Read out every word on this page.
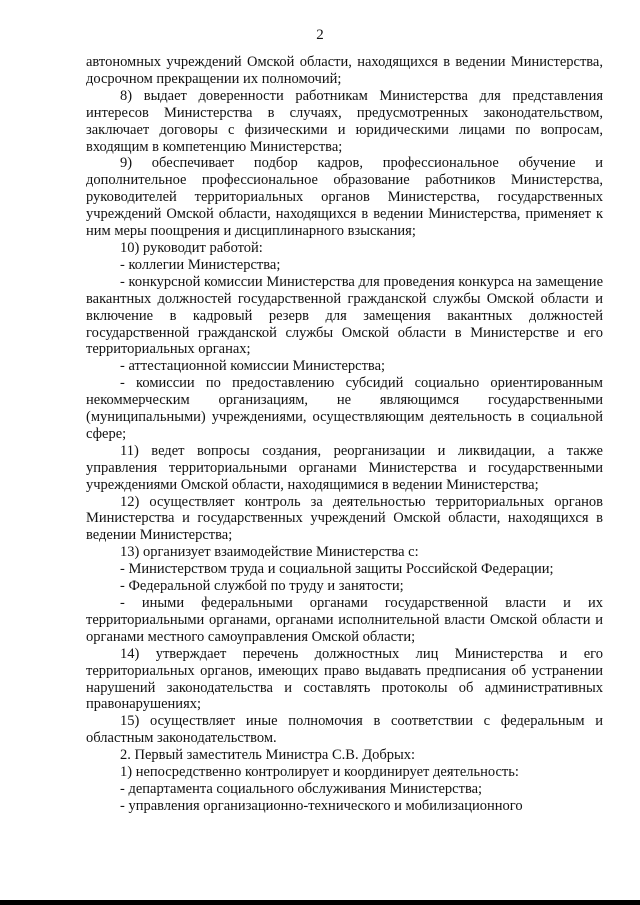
2

автономных учреждений Омской области, находящихся в ведении Министерства, досрочном прекращении их полномочий;

8) выдает доверенности работникам Министерства для представления интересов Министерства в случаях, предусмотренных законодательством, заключает договоры с физическими и юридическими лицами по вопросам, входящим в компетенцию Министерства;

9) обеспечивает подбор кадров, профессиональное обучение и дополнительное профессиональное образование работников Министерства, руководителей территориальных органов Министерства, государственных учреждений Омской области, находящихся в ведении Министерства, применяет к ним меры поощрения и дисциплинарного взыскания;

10) руководит работой:

- коллегии Министерства;

- конкурсной комиссии Министерства для проведения конкурса на замещение вакантных должностей государственной гражданской службы Омской области и включение в кадровый резерв для замещения вакантных должностей государственной гражданской службы Омской области в Министерстве и его территориальных органах;

- аттестационной комиссии Министерства;

- комиссии по предоставлению субсидий социально ориентированным некоммерческим организациям, не являющимся государственными (муниципальными) учреждениями, осуществляющим деятельность в социальной сфере;

11) ведет вопросы создания, реорганизации и ликвидации, а также управления территориальными органами Министерства и государственными учреждениями Омской области, находящимися в ведении Министерства;

12) осуществляет контроль за деятельностью территориальных органов Министерства и государственных учреждений Омской области, находящихся в ведении Министерства;

13) организует взаимодействие Министерства с:

- Министерством труда и социальной защиты Российской Федерации;

- Федеральной службой по труду и занятости;

- иными федеральными органами государственной власти и их территориальными органами, органами исполнительной власти Омской области и органами местного самоуправления Омской области;

14) утверждает перечень должностных лиц Министерства и его территориальных органов, имеющих право выдавать предписания об устранении нарушений законодательства и составлять протоколы об административных правонарушениях;

15) осуществляет иные полномочия в соответствии с федеральным и областным законодательством.

2. Первый заместитель Министра С.В. Добрых:

1) непосредственно контролирует и координирует деятельность:

- департамента социального обслуживания Министерства;

- управления организационно-технического и мобилизационного
